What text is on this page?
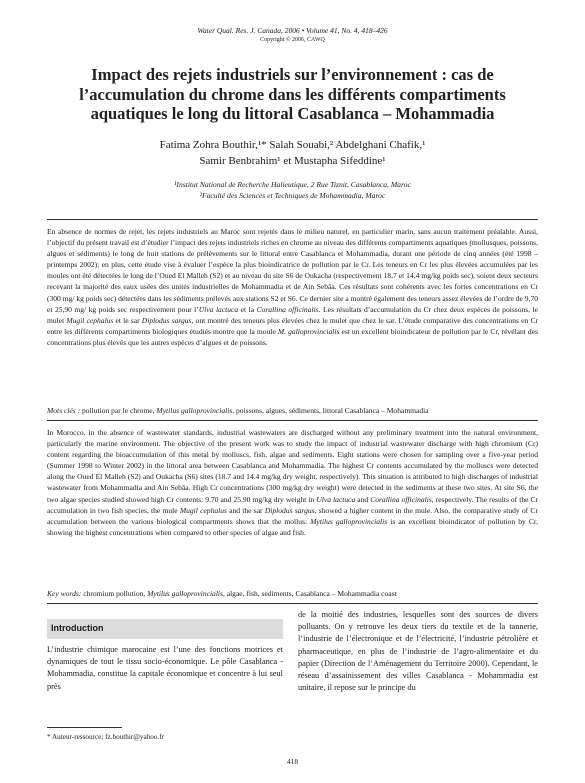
Water Qual. Res. J. Canada, 2006 • Volume 41, No. 4, 418–426
Copyright © 2006, CAWQ
Impact des rejets industriels sur l’environnement : cas de l’accumulation du chrome dans les différents compartiments aquatiques le long du littoral Casablanca – Mohammadia
Fatima Zohra Bouthir,¹* Salah Souabi,² Abdelghani Chafik,¹
Samir Benbrahim¹ et Mustapha Sifeddine¹
¹Institut National de Recherche Halieutique, 2 Rue Tiznit, Casablanca, Maroc
²Faculté des Sciences et Techniques de Mohammadia, Maroc
En absence de normes de rejet, les rejets industriels au Maroc sont rejetés dans le milieu naturel, en particulier marin, sans aucun traitement préalable. Aussi, l’objectif du présent travail est d’étudier l’impact des rejets industriels riches en chrome au niveau des différents compartiments aquatiques (mollusques, poissons, algues et sédiments) le long de huit stations de prélèvements sur le littoral entre Casablanca et Mohammadia, durant une période de cinq années (été 1998 – printemps 2002); en plus, cette étude vise à évaluer l’espèce la plus bioindicatrice de pollution par le Cr. Les teneurs en Cr les plus élevées accumulées par les moules ont été détectées le long de l’Oued El Malleh (S2) et au niveau du site S6 de Oukacha (respectivement 18,7 et 14,4 mg/kg poids sec), soient deux secteurs recevant la majorité des eaux usées des unités industrielles de Mohammadia et de Ain Sebâa. Ces résultats sont cohérents avec les fortes concentrations en Cr (300 mg/ kg poids sec) détectées dans les sédiments prélevés aux stations S2 et S6. Ce dernier site a montré également des teneurs assez élevées de l’ordre de 9,70 et 25,90 mg/ kg poids sec respectivement pour l’Ulva lactuca et la Corallina officinalis. Les résultats d’accumulation du Cr chez deux espèces de poissons, le mulet Mugil cephalus et le sar Diplodus sargus, ont montré des teneurs plus élevées chez le mulet que chez le sar. L’étude comparative des concentrations en Cr entre les différents compartiments biologiques étudiés montre que la moule M. galloprovincialis est un excellent bioindicateur de pollution par le Cr, révélant des concentrations plus élevés que les autres espèces d’algues et de poissons.
Mots clés : pollution par le chrome, Mytilus galloprovincialis, poissons, algues, sédiments, littoral Casablanca – Mohammadia
In Morocco, in the absence of wastewater standards, industrial wastewaters are discharged without any preliminary treatment into the natural environment, particularly the marine environment. The objective of the present work was to study the impact of industrial wastewater discharge with high chromium (Cr) content regarding the bioaccumulation of this metal by molluscs, fish, algae and sediments. Eight stations were chosen for sampling over a five-year period (Summer 1998 to Winter 2002) in the littoral area between Casablanca and Mohammadia. The highest Cr contents accumulated by the molluscs were detected along the Oued El Malleh (S2) and Oukacha (S6) sites (18.7 and 14.4 mg/kg dry weight, respectively). This situation is attributed to high discharges of industrial wastewater from Mohammadia and Ain Sebâa. High Cr concentrations (300 mg/kg dry weight) were detected in the sediments at these two sites. At site S6, the two algae species studied showed high Cr contents: 9.70 and 25.90 mg/kg dry weight in Ulva lactuca and Corallina officinalis, respectively. The results of the Cr accumulation in two fish species, the mule Mugil cephalus and the sar Diplodus sargus, showed a higher content in the mule. Also, the comparative study of Cr accumulation between the various biological compartments shows that the mollus: Mytilus galloprovincialis is an excellent bioindicator of pollution by Cr, showing the highest concentrations when compared to other species of algae and fish.
Key words: chromium pollution, Mytilus galloprovincialis, algae, fish, sediments, Casablanca – Mohammadia coast
Introduction
L’industrie chimique marocaine est l’une des fonctions motrices et dynamiques de tout le tissu socio-économique. Le pôle Casablanca - Mohammadia, constitue la capitale économique et concentre à lui seul près
de la moitié des industries, lesquelles sont des sources de divers polluants. On y retrouve les deux tiers du textile et de la tannerie, l’industrie de l’électronique et de l’électricité, l’industrie pétrolière et pharmaceutique, en plus de l’industrie de l’agro-alimentaire et du papier (Direction de l’Aménagement du Territoire 2000). Cependant, le réseau d’assainissement des villes Casablanca - Mohammadia est unitaire, il repose sur le principe du
* Auteur-ressource; fz.bouthir@yahoo.fr
418
